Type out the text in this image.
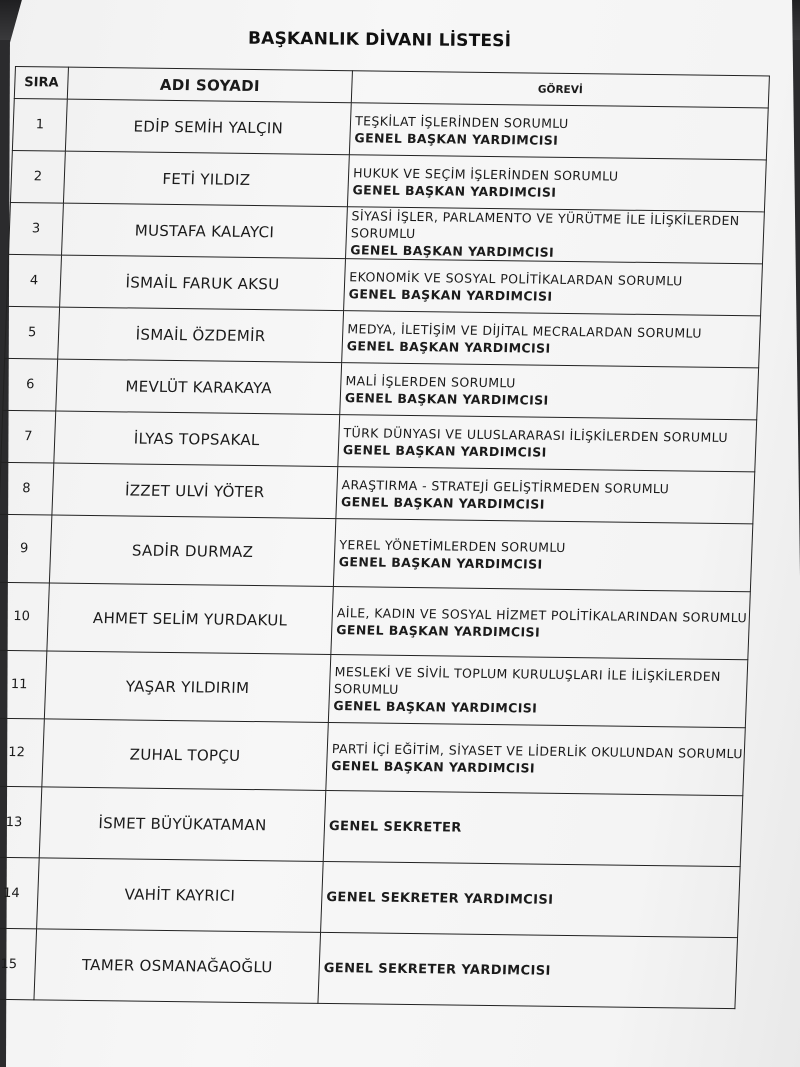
BAŞKANLIK DİVANI LİSTESİ
SIRA	ADI SOYADI	GÖREVİ
1	EDİP SEMİH YALÇIN	TEŞKİLAT İŞLERİNDEN SORUMLU
GENEL BAŞKAN YARDIMCISI

2	FETİ YILDIZ	HUKUK VE SEÇİM İŞLERİNDEN SORUMLU
GENEL BAŞKAN YARDIMCISI

3	MUSTAFA KALAYCI	SİYASİ İŞLER, PARLAMENTO VE YÜRÜTME İLE İLİŞKİLERDEN SORUMLU
GENEL BAŞKAN YARDIMCISI

4	İSMAİL FARUK AKSU	EKONOMİK VE SOSYAL POLİTİKALARDAN SORUMLU
GENEL BAŞKAN YARDIMCISI

5	İSMAİL ÖZDEMİR	MEDYA, İLETİŞİM VE DİJİTAL MECRALARDAN SORUMLU
GENEL BAŞKAN YARDIMCISI

6	MEVLÜT KARAKAYA	MALİ İŞLERDEN SORUMLU
GENEL BAŞKAN YARDIMCISI

7	İLYAS TOPSAKAL	TÜRK DÜNYASI VE ULUSLARARASI İLİŞKİLERDEN SORUMLU
GENEL BAŞKAN YARDIMCISI

8	İZZET ULVİ YÖTER	ARAŞTIRMA - STRATEJİ GELİŞTİRMEDEN SORUMLU
GENEL BAŞKAN YARDIMCISI

9	SADİR DURMAZ	YEREL YÖNETİMLERDEN SORUMLU
GENEL BAŞKAN YARDIMCISI

10	AHMET SELİM YURDAKUL	AİLE, KADIN VE SOSYAL HİZMET POLİTİKALARINDAN SORUMLU
GENEL BAŞKAN YARDIMCISI

11	YAŞAR YILDIRIM	MESLEKİ VE SİVİL TOPLUM KURULUŞLARI İLE İLİŞKİLERDEN SORUMLU
GENEL BAŞKAN YARDIMCISI

12	ZUHAL TOPÇU	PARTİ İÇİ EĞİTİM, SİYASET VE LİDERLİK OKULUNDAN SORUMLU
GENEL BAŞKAN YARDIMCISI

13	İSMET BÜYÜKATAMAN	GENEL SEKRETER

14	VAHİT KAYRICI	GENEL SEKRETER YARDIMCISI

15	TAMER OSMANAĞAOĞLU	GENEL SEKRETER YARDIMCISI
